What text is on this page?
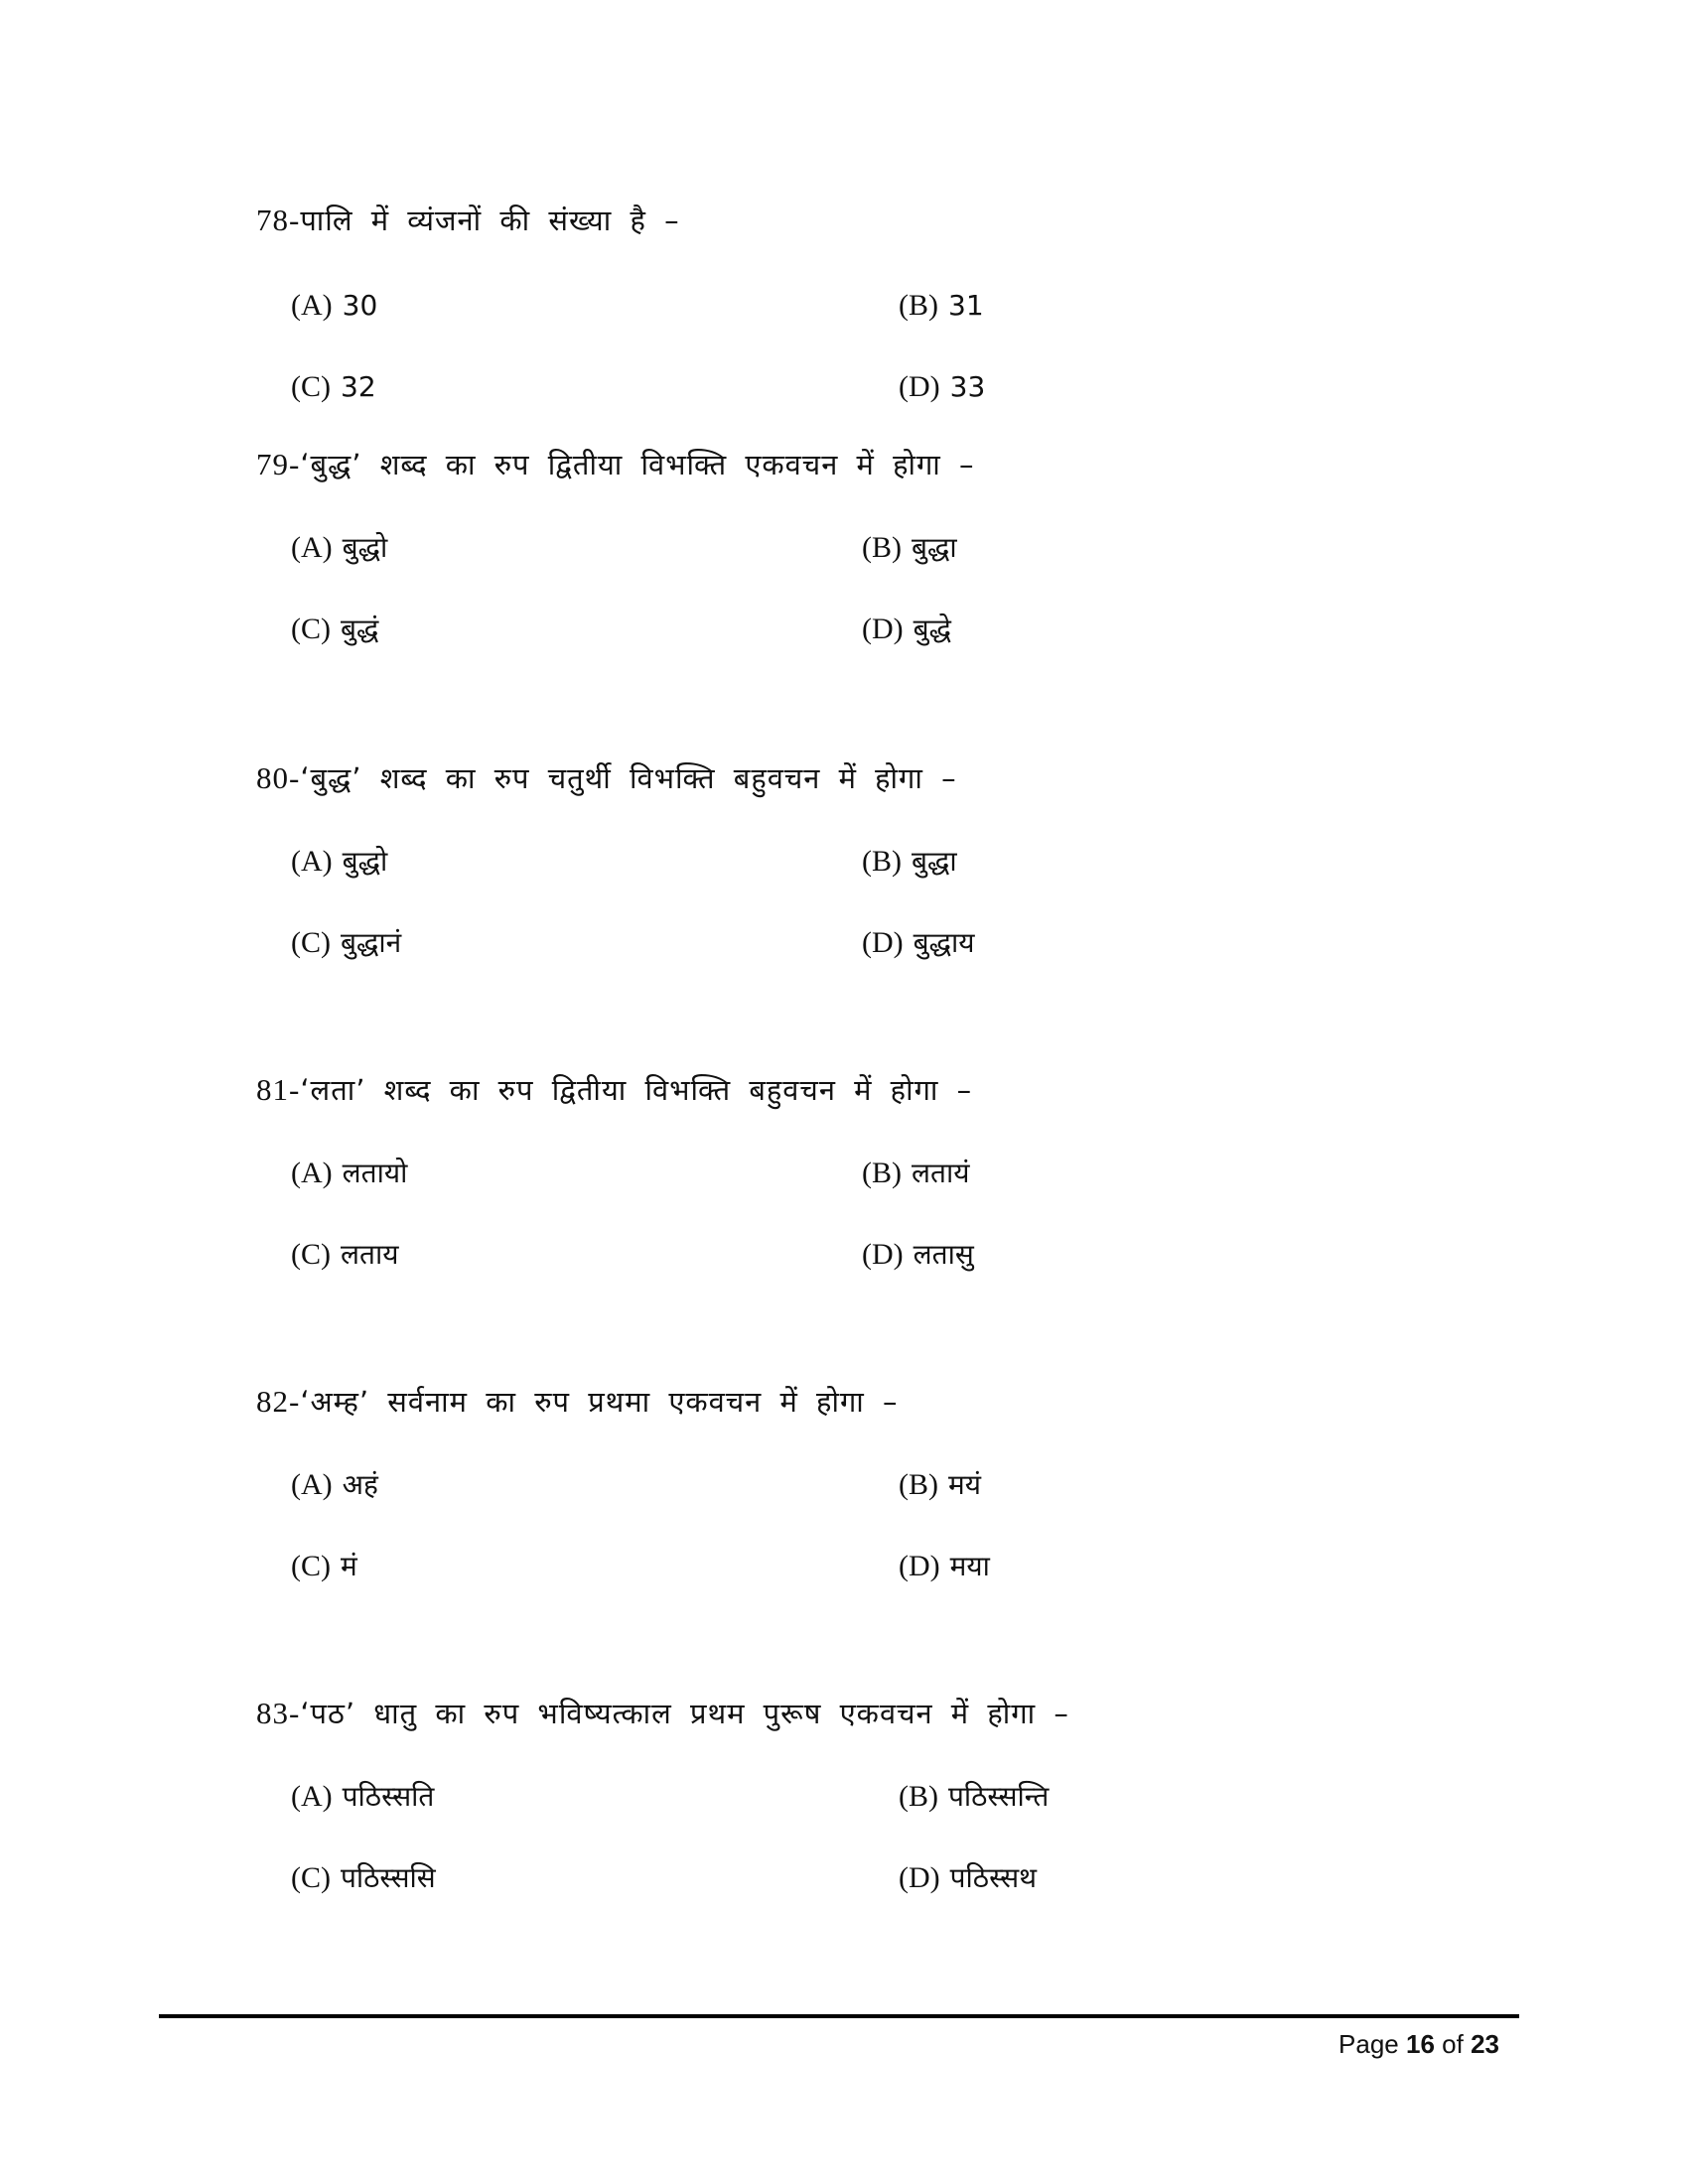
78-पालि में व्यंजनों की संख्या है –
(A) 30	(B) 31
(C) 32	(D) 33
79-‘बुद्ध’ शब्द का रुप द्वितीया विभक्ति एकवचन में होगा –
(A) बुद्धो	(B) बुद्धा
(C) बुद्धं	(D) बुद्धे
80-‘बुद्ध’ शब्द का रुप चतुर्थी विभक्ति बहुवचन में होगा –
(A) बुद्धो	(B) बुद्धा
(C) बुद्धानं	(D) बुद्धाय
81-‘लता’ शब्द का रुप द्वितीया विभक्ति बहुवचन में होगा –
(A) लतायो	(B) लतायं
(C) लताय	(D) लतासु
82-‘अम्ह’ सर्वनाम का रुप प्रथमा एकवचन में होगा –
(A) अहं	(B) मयं
(C) मं	(D) मया
83-‘पठ’ धातु का रुप भविष्यत्काल प्रथम पुरूष एकवचन में होगा –
(A) पठिस्सति	(B) पठिस्सन्ति
(C) पठिस्ससि	(D) पठिस्सथ
Page 16 of 23
